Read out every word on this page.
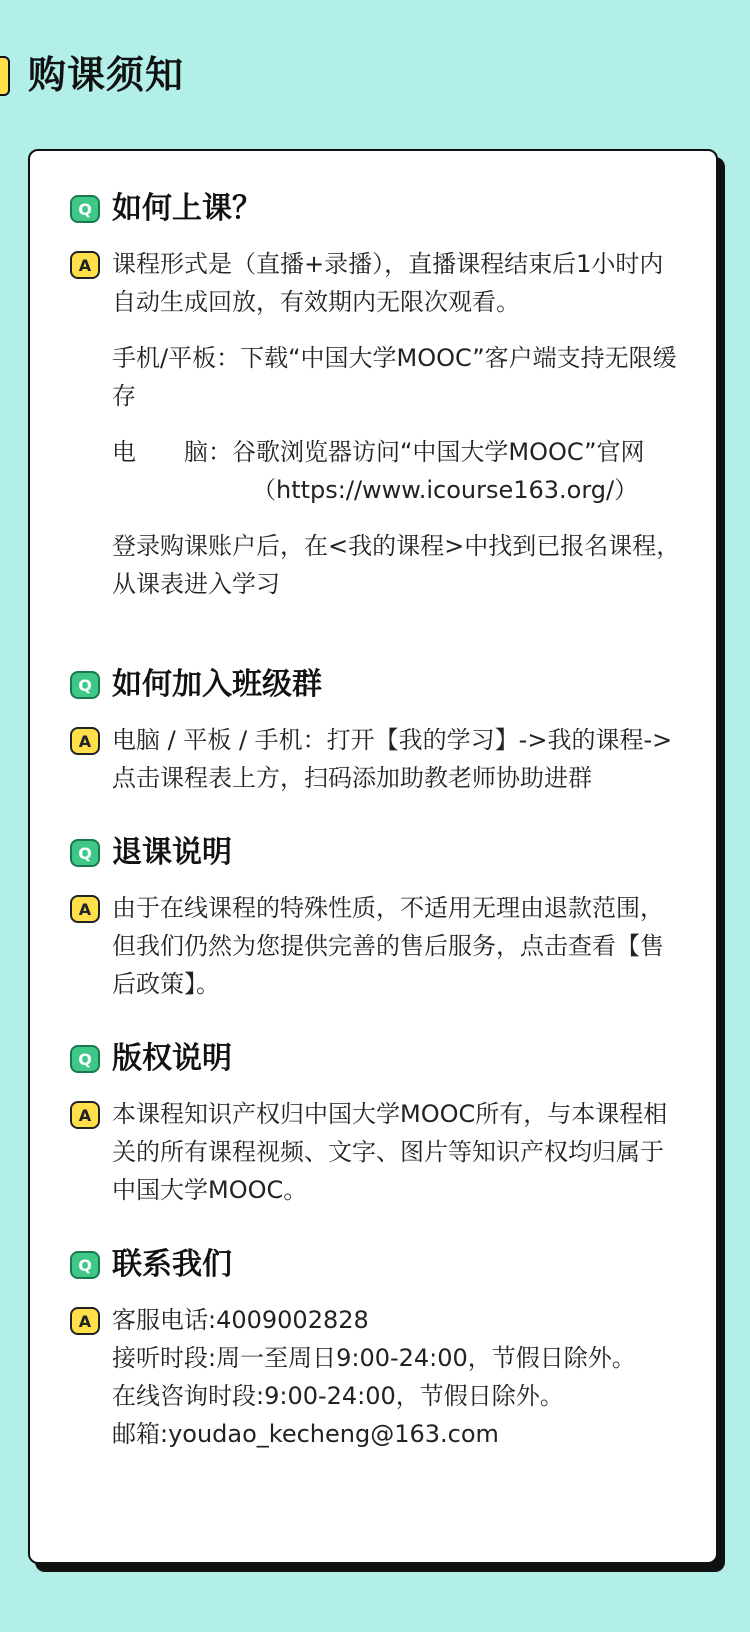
购课须知
Q 如何上课？
A 课程形式是（直播+录播），直播课程结束后1小时内自动生成回放，有效期内无限次观看。

手机/平板：下载“中国大学MOOC”客户端支持无限缓存

电　　脑：谷歌浏览器访问“中国大学MOOC”官网

（https://www.icourse163.org/）

登录购课账户后，在<我的课程>中找到已报名课程，从课表进入学习

Q 如何加入班级群
A 电脑 / 平板 / 手机：打开【我的学习】->我的课程->点击课程表上方，扫码添加助教老师协助进群

Q 退课说明
A 由于在线课程的特殊性质，不适用无理由退款范围，但我们仍然为您提供完善的售后服务，点击查看【售后政策】。

Q 版权说明
A 本课程知识产权归中国大学MOOC所有，与本课程相关的所有课程视频、文字、图片等知识产权均归属于中国大学MOOC。

Q 联系我们
A 客服电话:4009002828

接听时段:周一至周日9:00-24:00，节假日除外。

在线咨询时段:9:00-24:00，节假日除外。

邮箱:youdao_kecheng@163.com
